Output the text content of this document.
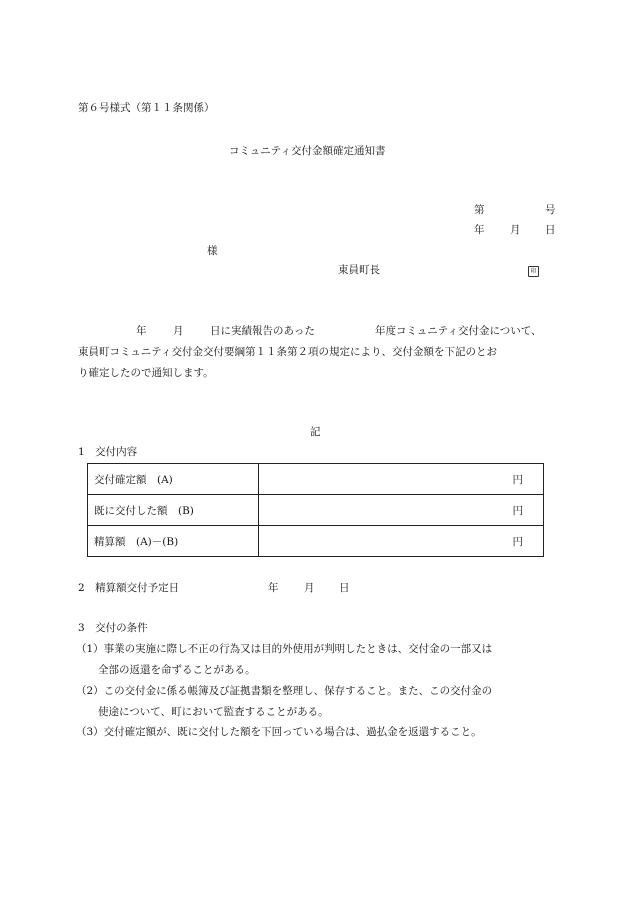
第６号様式（第１１条関係）
コミュニティ交付金額確定通知書
第	号
年 月 日
様
東員町長	印
年	月	日に実績報告のあった	年度コミュニティ交付金について、
東員町コミュニティ交付金交付要綱第１１条第２項の規定により、交付金額を下記のとお
り確定したので通知します。
記
1　交付内容
交付確定額　(A)	円
既に交付した額　(B)	円
精算額　(A)－(B)	円
2　精算額交付予定日	年 月 日
3　交付の条件
（1）事業の実施に際し不正の行為又は目的外使用が判明したときは、交付金の一部又は
全部の返還を命ずることがある。
（2）この交付金に係る帳簿及び証拠書類を整理し、保存すること。また、この交付金の
使途について、町において監査することがある。
（3）交付確定額が、既に交付した額を下回っている場合は、過払金を返還すること。
